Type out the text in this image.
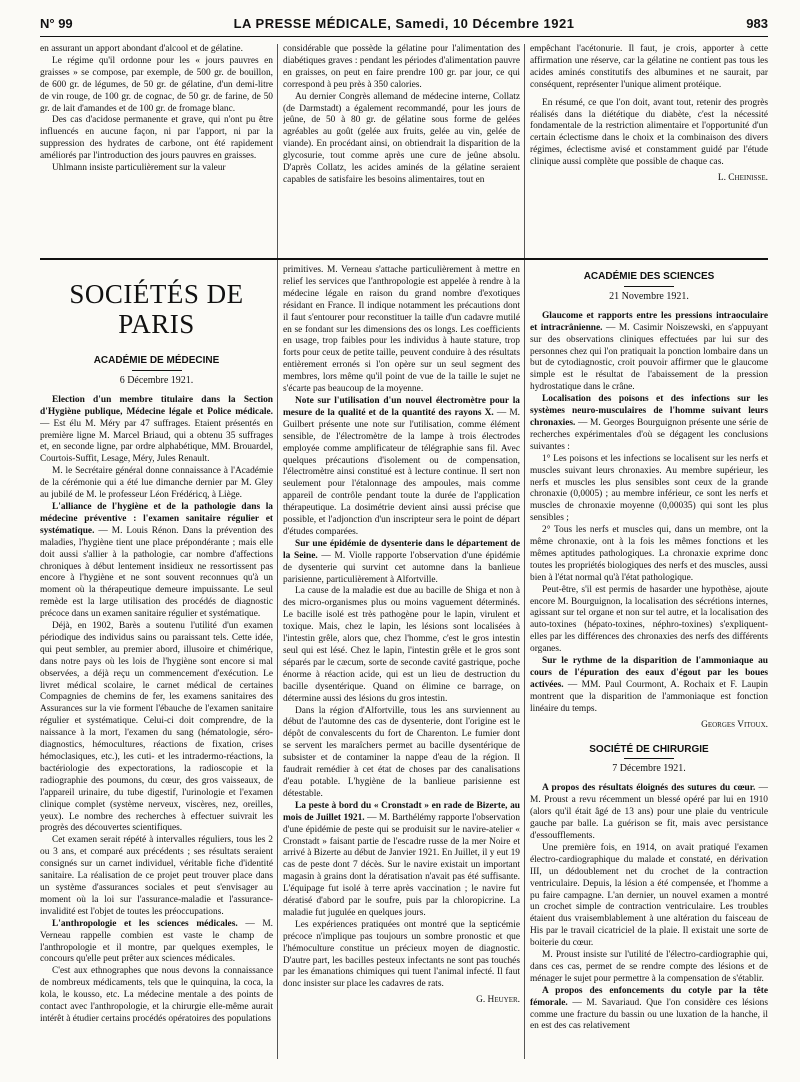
N° 99	LA PRESSE MÉDICALE, Samedi, 10 Décembre 1921	983

en assurant un apport abondant d'alcool et de gélatine.

Le régime qu'il ordonne pour les « jours pauvres en graisses » se compose, par exemple, de 500 gr. de bouillon, de 600 gr. de légumes, de 50 gr. de gélatine, d'un demi-litre de vin rouge, de 100 gr. de cognac, de 50 gr. de farine, de 50 gr. de lait d'amandes et de 100 gr. de fromage blanc.

Des cas d'acidose permanente et grave, qui n'ont pu être influencés en aucune façon, ni par l'apport, ni par la suppression des hydrates de carbone, ont été rapidement améliorés par l'introduction des jours pauvres en graisses.

Uhlmann insiste particulièrement sur la valeur

considérable que possède la gélatine pour l'alimentation des diabétiques graves : pendant les périodes d'alimentation pauvre en graisses, on peut en faire prendre 100 gr. par jour, ce qui correspond à peu près à 350 calories.

Au dernier Congrès allemand de médecine interne, Collatz (de Darmstadt) a également recommandé, pour les jours de jeûne, de 50 à 80 gr. de gélatine sous forme de gelées agréables au goût (gelée aux fruits, gelée au vin, gelée de viande). En procédant ainsi, on obtiendrait la disparition de la glycosurie, tout comme après une cure de jeûne absolu. D'après Collatz, les acides aminés de la gélatine seraient capables de satisfaire les besoins alimentaires, tout en

empêchant l'acétonurie. Il faut, je crois, apporter à cette affirmation une réserve, car la gélatine ne contient pas tous les acides aminés constitutifs des albumines et ne saurait, par conséquent, représenter l'unique aliment protéique.

En résumé, ce que l'on doit, avant tout, retenir des progrès réalisés dans la diététique du diabète, c'est la nécessité fondamentale de la restriction alimentaire et l'opportunité d'un certain éclectisme dans le choix et la combinaison des divers régimes, éclectisme avisé et constamment guidé par l'étude clinique aussi complète que possible de chaque cas.

L. Cheinisse.

SOCIÉTÉS DE PARIS
ACADÉMIE DE MÉDECINE
6 Décembre 1921.

Election d'un membre titulaire dans la Section d'Hygiène publique, Médecine légale et Police médicale. — Est élu M. Méry par 47 suffrages. Etaient présentés en première ligne M. Marcel Briaud, qui a obtenu 35 suffrages et, en seconde ligne, par ordre alphabétique, MM. Brouardel, Courtois-Suffit, Lesage, Méry, Jules Renault.

M. le Secrétaire général donne connaissance à l'Académie de la cérémonie qui a été lue dimanche dernier par M. Gley au jubilé de M. le professeur Léon Frédéricq, à Liège.

L'alliance de l'hygiène et de la pathologie dans la médecine préventive : l'examen sanitaire régulier et systématique. — M. Louis Rénon. Dans la prévention des maladies, l'hygiène tient une place prépondérante ; mais elle doit aussi s'allier à la pathologie, car nombre d'affections chroniques à début lentement insidieux ne ressortissent pas encore à l'hygiène et ne sont souvent reconnues qu'à un moment où la thérapeutique demeure impuissante. Le seul remède est la large utilisation des procédés de diagnostic précoce dans un examen sanitaire régulier et systématique.

Déjà, en 1902, Barès a soutenu l'utilité d'un examen périodique des individus sains ou paraissant tels. Cette idée, qui peut sembler, au premier abord, illusoire et chimérique, dans notre pays où les lois de l'hygiène sont encore si mal observées, a déjà reçu un commencement d'exécution. Le livret médical scolaire, le carnet médical de certaines Compagnies de chemins de fer, les examens sanitaires des Assurances sur la vie forment l'ébauche de l'examen sanitaire régulier et systématique. Celui-ci doit comprendre, de la naissance à la mort, l'examen du sang (hématologie, séro-diagnostics, hémocultures, réactions de fixation, crises hémoclasiques, etc.), les cuti- et les intradermo-réactions, la bactériologie des expectorations, la radioscopie et la radiographie des poumons, du cœur, des gros vaisseaux, de l'appareil urinaire, du tube digestif, l'urinologie et l'examen clinique complet (système nerveux, viscères, nez, oreilles, yeux). Le nombre des recherches à effectuer suivrait les progrès des découvertes scientifiques.

Cet examen serait répété à intervalles réguliers, tous les 2 ou 3 ans, et comparé aux précédents ; ses résultats seraient consignés sur un carnet individuel, véritable fiche d'identité sanitaire. La réalisation de ce projet peut trouver place dans un système d'assurances sociales et peut s'envisager au moment où la loi sur l'assurance-maladie et l'assurance-invalidité est l'objet de toutes les préoccupations.

L'anthropologie et les sciences médicales. — M. Verneau rappelle combien est vaste le champ de l'anthropologie et il montre, par quelques exemples, le concours qu'elle peut prêter aux sciences médicales.

C'est aux ethnographes que nous devons la connaissance de nombreux médicaments, tels que le quinquina, la coca, la kola, le kousso, etc. La médecine mentale a des points de contact avec l'anthropologie, et la chirurgie elle-même aurait intérêt à étudier certains procédés opératoires des populations

primitives. M. Verneau s'attache particulièrement à mettre en relief les services que l'anthropologie est appelée à rendre à la médecine légale en raison du grand nombre d'exotiques résidant en France. Il indique notamment les précautions dont il faut s'entourer pour reconstituer la taille d'un cadavre mutilé en se fondant sur les dimensions des os longs. Les coefficients en usage, trop faibles pour les individus à haute stature, trop forts pour ceux de petite taille, peuvent conduire à des résultats entièrement erronés si l'on opère sur un seul segment des membres, lors même qu'il point de vue de la taille le sujet ne s'écarte pas beaucoup de la moyenne.

Note sur l'utilisation d'un nouvel électromètre pour la mesure de la qualité et de la quantité des rayons X. — M. Guilbert présente une note sur l'utilisation, comme élément sensible, de l'électromètre de la lampe à trois électrodes employée comme amplificateur de télégraphie sans fil. Avec quelques précautions d'isolement ou de compensation, l'électromètre ainsi constitué est à lecture continue. Il sert non seulement pour l'étalonnage des ampoules, mais comme appareil de contrôle pendant toute la durée de l'application thérapeutique. La dosimétrie devient ainsi aussi précise que possible, et l'adjonction d'un inscripteur sera le point de départ d'études comparées.

Sur une épidémie de dysenterie dans le département de la Seine. — M. Violle rapporte l'observation d'une épidémie de dysenterie qui survint cet automne dans la banlieue parisienne, particulièrement à Alfortville.

La cause de la maladie est due au bacille de Shiga et non à des micro-organismes plus ou moins vaguement déterminés. Le bacille isolé est très pathogène pour le lapin, virulent et toxique. Mais, chez le lapin, les lésions sont localisées à l'intestin grêle, alors que, chez l'homme, c'est le gros intestin seul qui est lésé. Chez le lapin, l'intestin grêle et le gros sont séparés par le cæcum, sorte de seconde cavité gastrique, poche énorme à réaction acide, qui est un lieu de destruction du bacille dysentérique. Quand on élimine ce barrage, on détermine aussi des lésions du gros intestin.

Dans la région d'Alfortville, tous les ans surviennent au début de l'automne des cas de dysenterie, dont l'origine est le dépôt de convalescents du fort de Charenton. Le fumier dont se servent les maraîchers permet au bacille dysentérique de subsister et de contaminer la nappe d'eau de la région. Il faudrait remédier à cet état de choses par des canalisations d'eau potable. L'hygiène de la banlieue parisienne est détestable.

La peste à bord du « Cronstadt » en rade de Bizerte, au mois de Juillet 1921. — M. Barthélémy rapporte l'observation d'une épidémie de peste qui se produisit sur le navire-atelier « Cronstadt » faisant partie de l'escadre russe de la mer Noire et arrivé à Bizerte au début de Janvier 1921. En Juillet, il y eut 19 cas de peste dont 7 décès. Sur le navire existait un important magasin à grains dont la dératisation n'avait pas été suffisante. L'équipage fut isolé à terre après vaccination ; le navire fut dératisé d'abord par le soufre, puis par la chloropicrine. La maladie fut jugulée en quelques jours.

Les expériences pratiquées ont montré que la septicémie précoce n'implique pas toujours un sombre pronostic et que l'hémoculture constitue un précieux moyen de diagnostic. D'autre part, les bacilles pesteux infectants ne sont pas touchés par les émanations chimiques qui tuent l'animal infecté. Il faut donc insister sur place les cadavres de rats.

G. Heuyer.

ACADÉMIE DES SCIENCES
21 Novembre 1921.

Glaucome et rapports entre les pressions intraoculaire et intracrânienne. — M. Casimir Noiszewski, en s'appuyant sur des observations cliniques effectuées par lui sur des personnes chez qui l'on pratiquait la ponction lombaire dans un but de cytodiagnostic, croit pouvoir affirmer que le glaucome simple est le résultat de l'abaissement de la pression hydrostatique dans le crâne.

Localisation des poisons et des infections sur les systèmes neuro-musculaires de l'homme suivant leurs chronaxies. — M. Georges Bourguignon présente une série de recherches expérimentales d'où se dégagent les conclusions suivantes :

1° Les poisons et les infections se localisent sur les nerfs et muscles suivant leurs chronaxies. Au membre supérieur, les nerfs et muscles les plus sensibles sont ceux de la grande chronaxie (0,0005) ; au membre inférieur, ce sont les nerfs et muscles de chronaxie moyenne (0,00035) qui sont les plus sensibles ;

2° Tous les nerfs et muscles qui, dans un membre, ont la même chronaxie, ont à la fois les mêmes fonctions et les mêmes aptitudes pathologiques. La chronaxie exprime donc toutes les propriétés biologiques des nerfs et des muscles, aussi bien à l'état normal qu'à l'état pathologique.

Peut-être, s'il est permis de hasarder une hypothèse, ajoute encore M. Bourguignon, la localisation des sécrétions internes, agissant sur tel organe et non sur tel autre, et la localisation des auto-toxines (hépato-toxines, néphro-toxines) s'expliquent-elles par les différences des chronaxies des nerfs des différents organes.

Sur le rythme de la disparition de l'ammoniaque au cours de l'épuration des eaux d'égout par les boues activées. — MM. Paul Courmont, A. Rochaix et F. Laupin montrent que la disparition de l'ammoniaque est fonction linéaire du temps.

Georges Vitoux.

SOCIÉTÉ DE CHIRURGIE
7 Décembre 1921.

A propos des résultats éloignés des sutures du cœur. — M. Proust a revu récemment un blessé opéré par lui en 1910 (alors qu'il était âgé de 13 ans) pour une plaie du ventricule gauche par balle. La guérison se fit, mais avec persistance d'essoufflements.

Une première fois, en 1914, on avait pratiqué l'examen électro-cardiographique du malade et constaté, en dérivation III, un dédoublement net du crochet de la contraction ventriculaire. Depuis, la lésion a été compensée, et l'homme a pu faire campagne. L'an dernier, un nouvel examen a montré un crochet simple de contraction ventriculaire. Les troubles étaient dus vraisemblablement à une altération du faisceau de His par le travail cicatriciel de la plaie. Il existait une sorte de boiterie du cœur.

M. Proust insiste sur l'utilité de l'électro-cardiographie qui, dans ces cas, permet de se rendre compte des lésions et de ménager le sujet pour permettre à la compensation de s'établir.

A propos des enfoncements du cotyle par la tête fémorale. — M. Savariaud. Que l'on considère ces lésions comme une fracture du bassin ou une luxation de la hanche, il en est des cas relativement
